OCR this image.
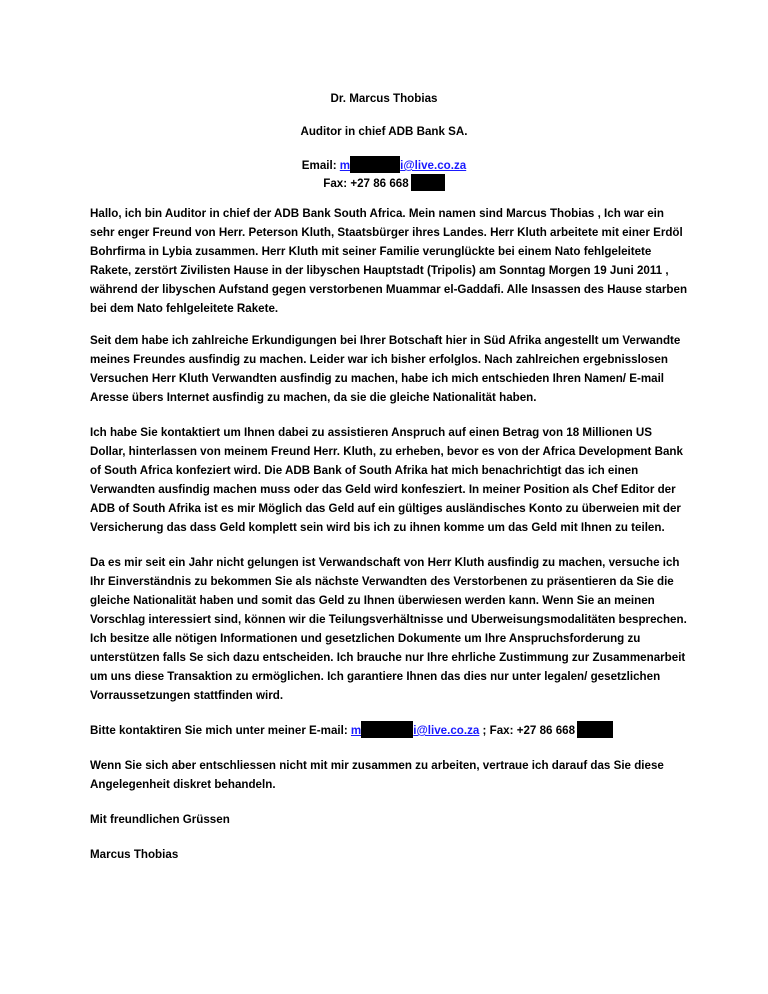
Dr. Marcus Thobias
Auditor in chief ADB Bank SA.
Email: m	i@live.co.za
Fax: +27 86 668

Hallo, ich bin Auditor in chief der ADB Bank South Africa. Mein namen sind Marcus Thobias , Ich war ein sehr enger Freund von Herr. Peterson Kluth, Staatsbürger ihres Landes. Herr Kluth arbeitete mit einer Erdöl Bohrfirma in Lybia zusammen. Herr Kluth mit seiner Familie verunglückte bei einem Nato fehlgeleitete Rakete, zerstört Zivilisten Hause in der libyschen Hauptstadt (Tripolis) am Sonntag Morgen 19 Juni 2011 , während der libyschen Aufstand gegen verstorbenen Muammar el-Gaddafi. Alle Insassen des Hause starben bei dem Nato fehlgeleitete Rakete.

Seit dem habe ich zahlreiche Erkundigungen bei Ihrer Botschaft hier in Süd Afrika angestellt um Verwandte meines Freundes ausfindig zu machen. Leider war ich bisher erfolglos. Nach zahlreichen ergebnisslosen Versuchen Herr Kluth Verwandten ausfindig zu machen, habe ich mich entschieden Ihren Namen/ E-mail Aresse übers Internet ausfindig zu machen, da sie die gleiche Nationalität haben.

Ich habe Sie kontaktiert um Ihnen dabei zu assistieren Anspruch auf einen Betrag von 18 Millionen US Dollar, hinterlassen von meinem Freund Herr. Kluth, zu erheben, bevor es von der Africa Development Bank of South Africa konfeziert wird. Die ADB Bank of South Afrika hat mich benachrichtigt das ich einen Verwandten ausfindig machen muss oder das Geld wird konfesziert. In meiner Position als Chef Editor der ADB of South Afrika ist es mir Möglich das Geld auf ein gültiges ausländisches Konto zu überweien mit der Versicherung das dass Geld komplett sein wird bis ich zu ihnen komme um das Geld mit Ihnen zu teilen.

Da es mir seit ein Jahr nicht gelungen ist Verwandschaft von Herr Kluth ausfindig zu machen, versuche ich Ihr Einverständnis zu bekommen Sie als nächste Verwandten des Verstorbenen zu präsentieren da Sie die gleiche Nationalität haben und somit das Geld zu Ihnen überwiesen werden kann. Wenn Sie an meinen Vorschlag interessiert sind, können wir die Teilungsverhältnisse und Uberweisungsmodalitäten besprechen. Ich besitze alle nötigen Informationen und gesetzlichen Dokumente um Ihre Anspruchsforderung zu unterstützen falls Se sich dazu entscheiden. Ich brauche nur Ihre ehrliche Zustimmung zur Zusammenarbeit um uns diese Transaktion zu ermöglichen. Ich garantiere Ihnen das dies nur unter legalen/ gesetzlichen Vorraussetzungen stattfinden wird.

Bitte kontaktiren Sie mich unter meiner E-mail: m	i@live.co.za ; Fax: +27 86 668

Wenn Sie sich aber entschliessen nicht mit mir zusammen zu arbeiten, vertraue ich darauf das Sie diese Angelegenheit diskret behandeln.

Mit freundlichen Grüssen

Marcus Thobias
